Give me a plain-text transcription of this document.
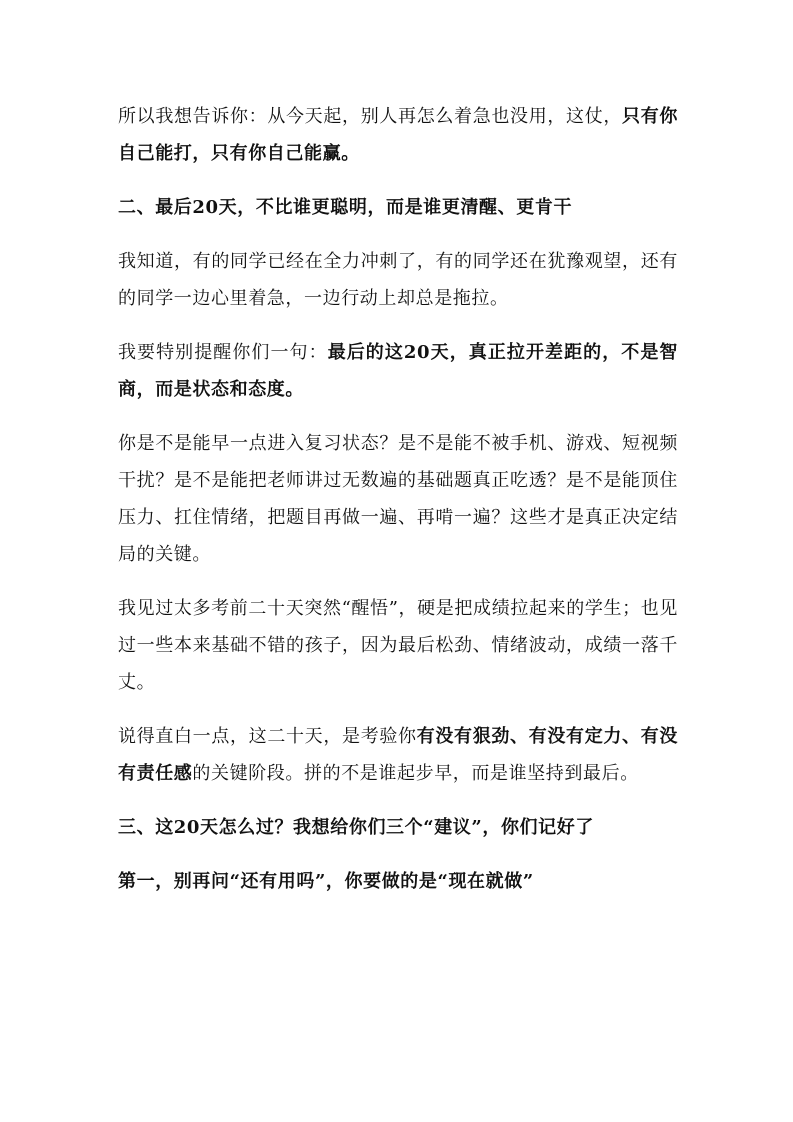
所以我想告诉你：从今天起，别人再怎么着急也没用，这仗，只有你自己能打，只有你自己能赢。

二、最后20天，不比谁更聪明，而是谁更清醒、更肯干

我知道，有的同学已经在全力冲刺了，有的同学还在犹豫观望，还有的同学一边心里着急，一边行动上却总是拖拉。

我要特别提醒你们一句：最后的这20天，真正拉开差距的，不是智商，而是状态和态度。

你是不是能早一点进入复习状态？是不是能不被手机、游戏、短视频干扰？是不是能把老师讲过无数遍的基础题真正吃透？是不是能顶住压力、扛住情绪，把题目再做一遍、再啃一遍？这些才是真正决定结局的关键。

我见过太多考前二十天突然“醒悟”，硬是把成绩拉起来的学生；也见过一些本来基础不错的孩子，因为最后松劲、情绪波动，成绩一落千丈。

说得直白一点，这二十天，是考验你有没有狠劲、有没有定力、有没有责任感的关键阶段。拼的不是谁起步早，而是谁坚持到最后。

三、这20天怎么过？我想给你们三个“建议”，你们记好了

第一，别再问“还有用吗”，你要做的是“现在就做”
